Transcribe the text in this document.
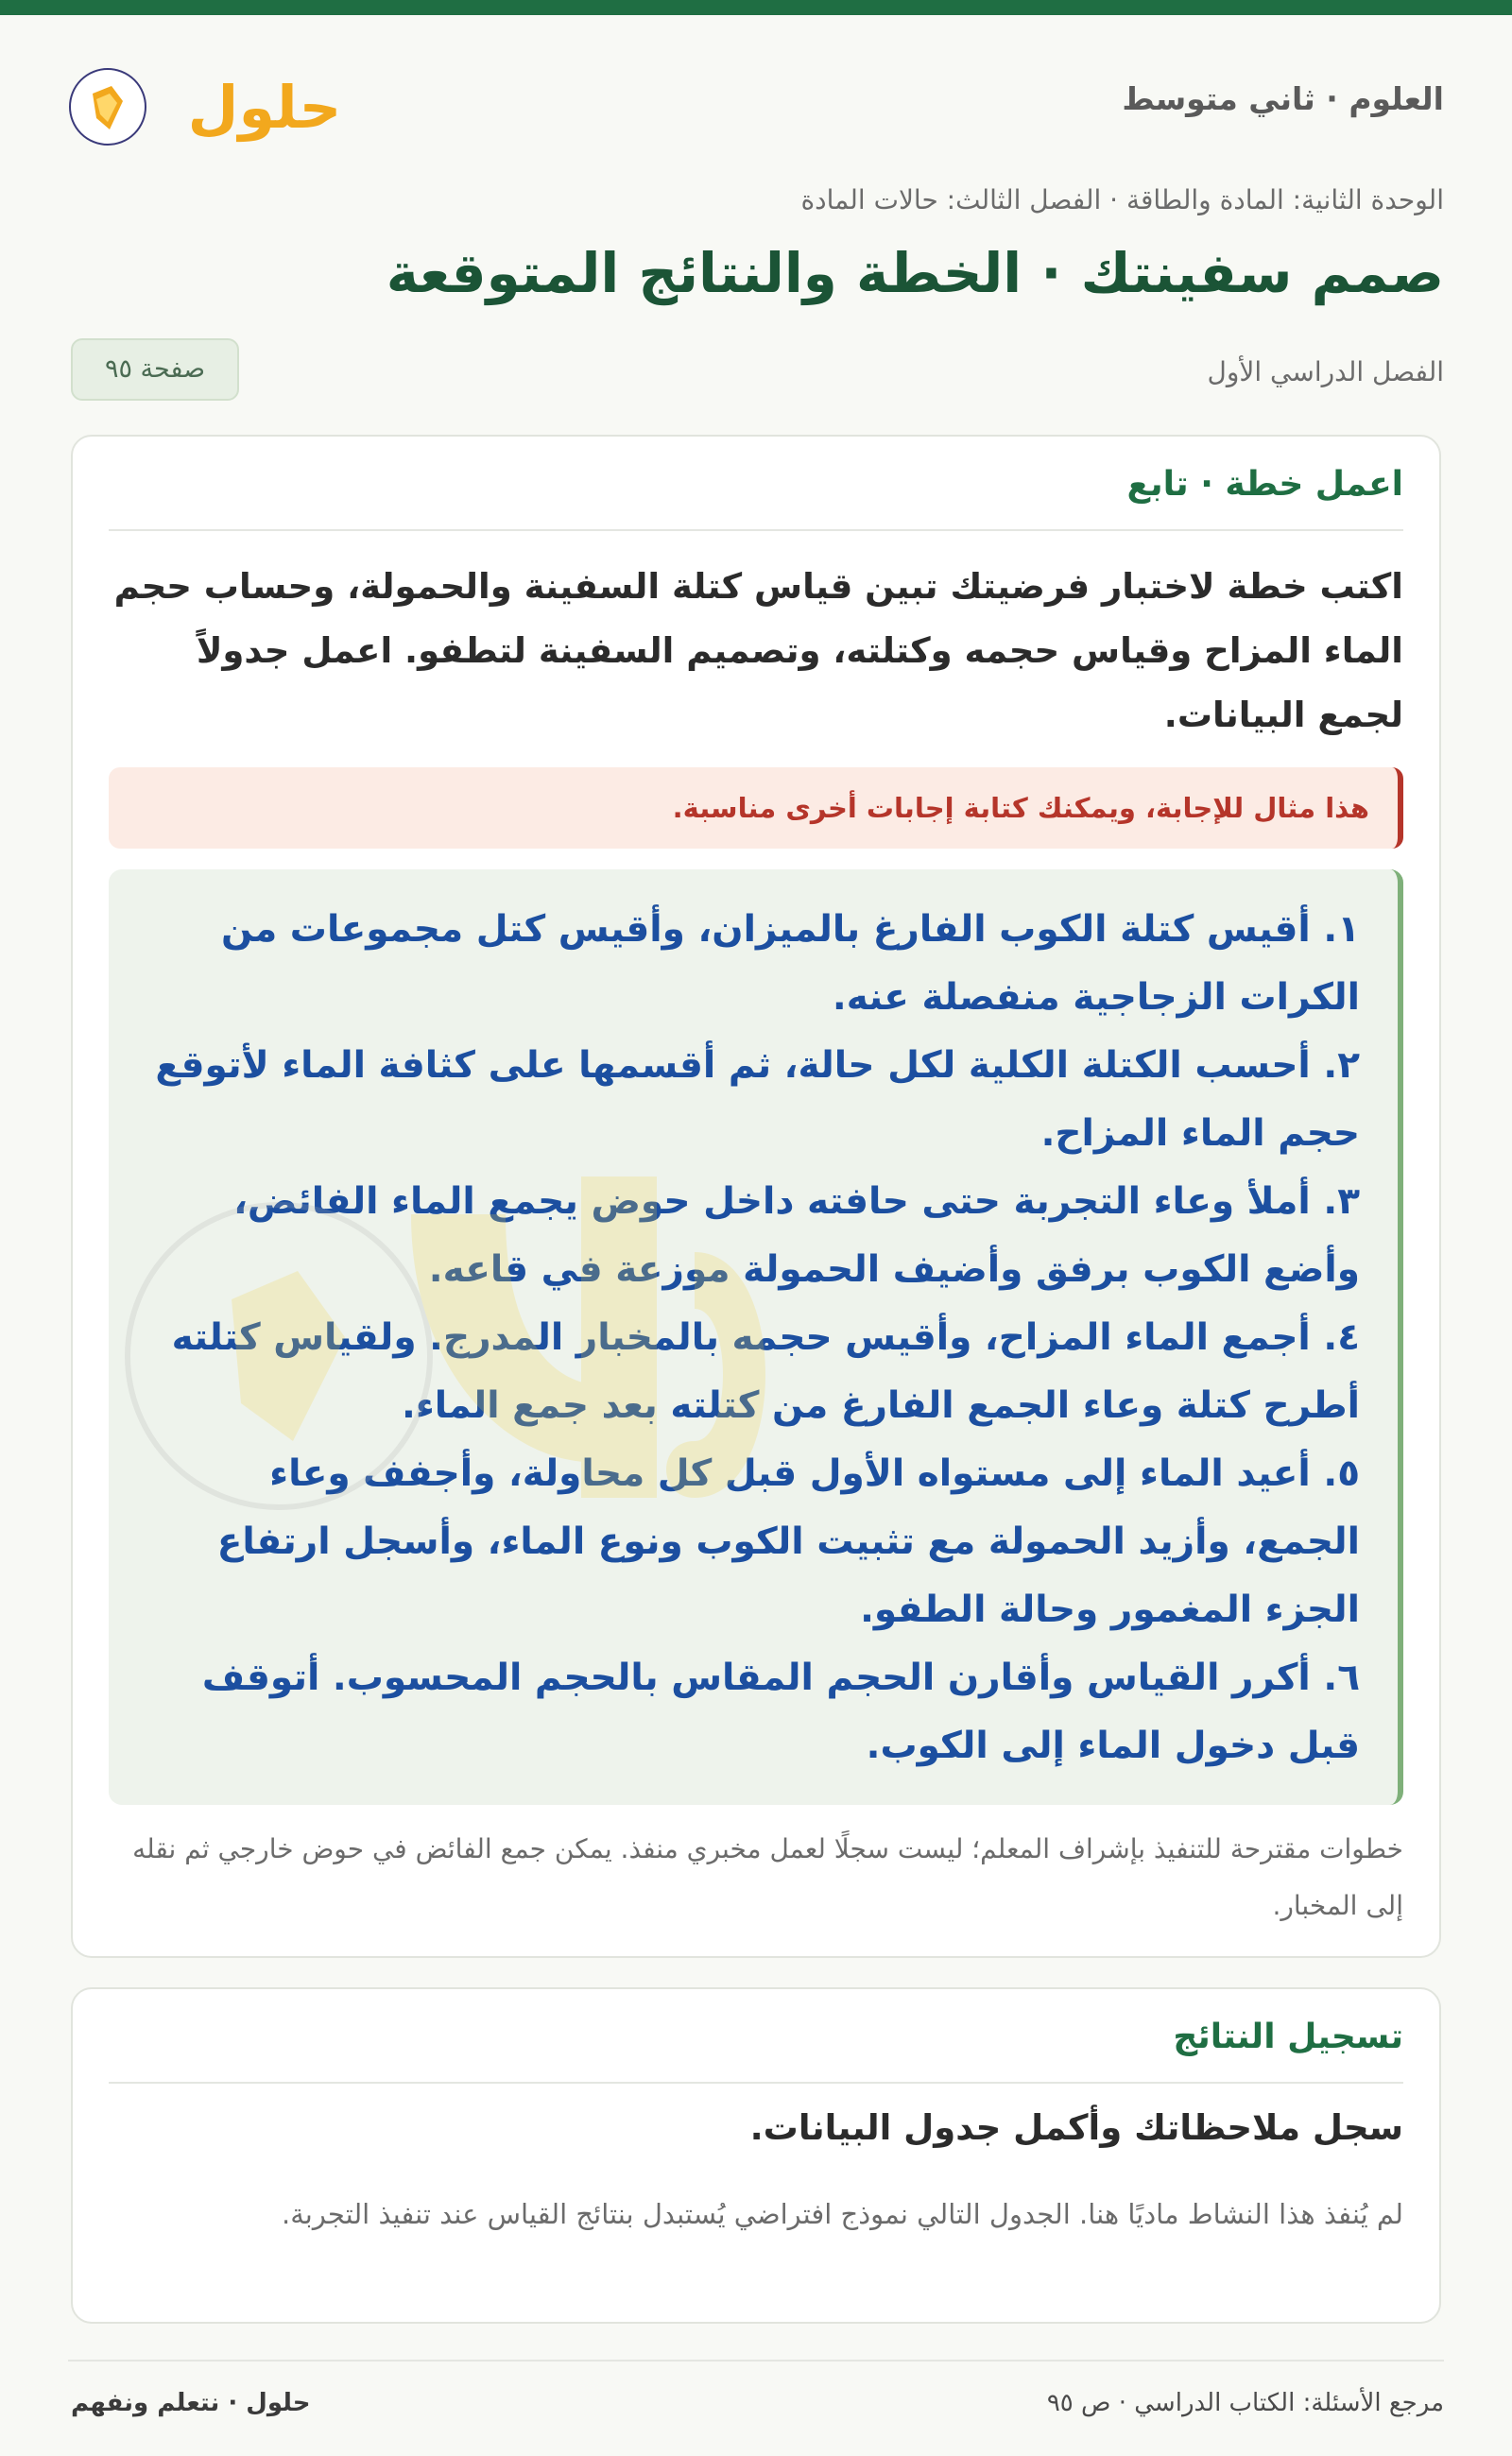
العلوم · ثاني متوسط
حلول
الوحدة الثانية: المادة والطاقة · الفصل الثالث: حالات المادة
صمم سفينتك · الخطة والنتائج المتوقعة
الفصل الدراسي الأول
صفحة ٩٥
اعمل خطة · تابع
اكتب خطة لاختبار فرضيتك تبين قياس كتلة السفينة والحمولة، وحساب حجم الماء المزاح وقياس حجمه وكتلته، وتصميم السفينة لتطفو. اعمل جدولاً لجمع البيانات.
هذا مثال للإجابة، ويمكنك كتابة إجابات أخرى مناسبة.
١. أقيس كتلة الكوب الفارغ بالميزان، وأقيس كتل مجموعات من الكرات الزجاجية منفصلة عنه.
٢. أحسب الكتلة الكلية لكل حالة، ثم أقسمها على كثافة الماء لأتوقع حجم الماء المزاح.
٣. أملأ وعاء التجربة حتى حافته داخل حوض يجمع الماء الفائض، وأضع الكوب برفق وأضيف الحمولة موزعة في قاعه.
٤. أجمع الماء المزاح، وأقيس حجمه بالمخبار المدرج. ولقياس كتلته أطرح كتلة وعاء الجمع الفارغ من كتلته بعد جمع الماء.
٥. أعيد الماء إلى مستواه الأول قبل كل محاولة، وأجفف وعاء الجمع، وأزيد الحمولة مع تثبيت الكوب ونوع الماء، وأسجل ارتفاع الجزء المغمور وحالة الطفو.
٦. أكرر القياس وأقارن الحجم المقاس بالحجم المحسوب. أتوقف قبل دخول الماء إلى الكوب.
خطوات مقترحة للتنفيذ بإشراف المعلم؛ ليست سجلًا لعمل مخبري منفذ. يمكن جمع الفائض في حوض خارجي ثم نقله إلى المخبار.
تسجيل النتائج
سجل ملاحظاتك وأكمل جدول البيانات.
لم يُنفذ هذا النشاط ماديًا هنا. الجدول التالي نموذج افتراضي يُستبدل بنتائج القياس عند تنفيذ التجربة.
مرجع الأسئلة: الكتاب الدراسي · ص ٩٥
حلول · نتعلم ونفهم
